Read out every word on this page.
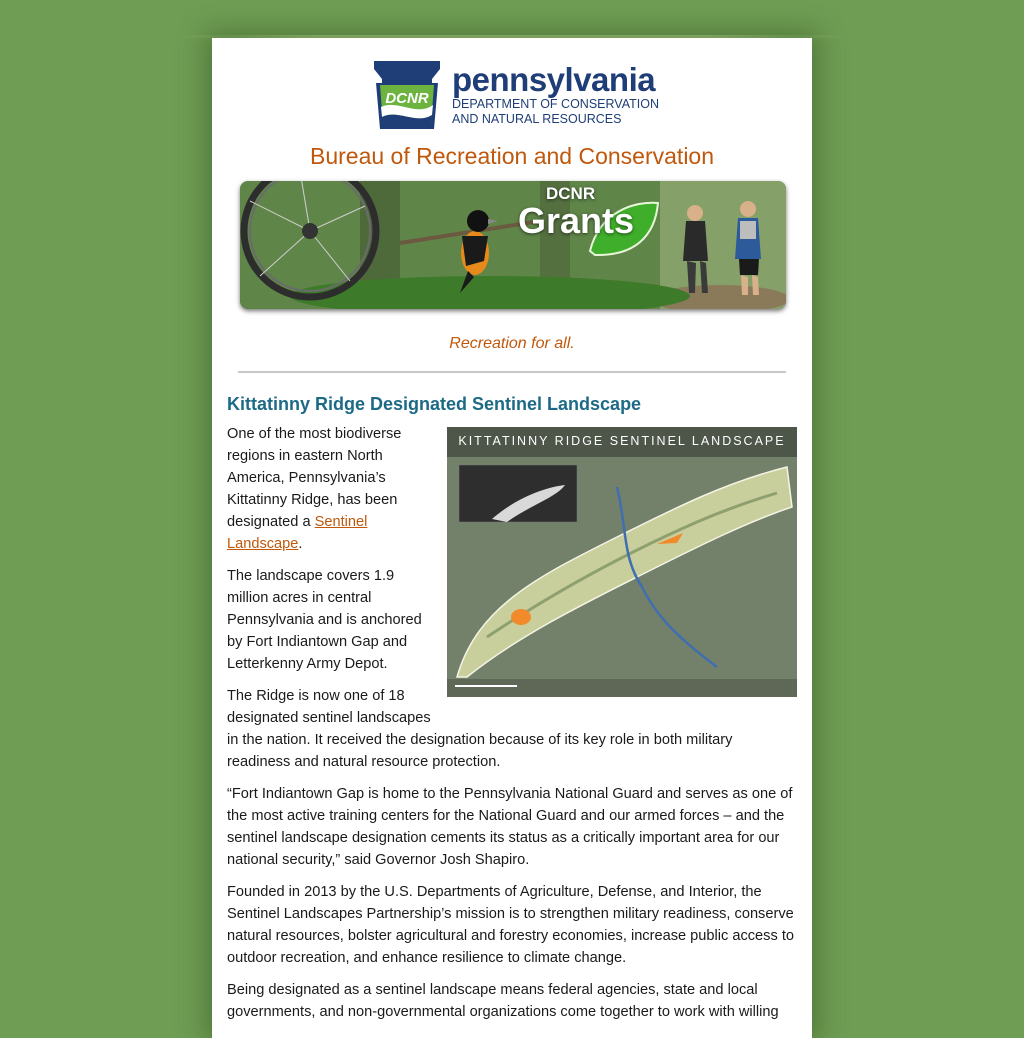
DCNR
pennsylvania
DEPARTMENT OF CONSERVATION
AND NATURAL RESOURCES
Bureau of Recreation and Conservation
DCNR
Grants
Recreation for all.
Kittatinny Ridge Designated Sentinel Landscape
KITTATINNY RIDGE SENTINEL LANDSCAPE

One of the most biodiverse regions in eastern North America, Pennsylvania’s Kittatinny Ridge, has been designated a Sentinel Landscape.

The landscape covers 1.9 million acres in central Pennsylvania and is anchored by Fort Indiantown Gap and Letterkenny Army Depot.

The Ridge is now one of 18 designated sentinel landscapes in the nation. It received the designation because of its key role in both military readiness and natural resource protection.

“Fort Indiantown Gap is home to the Pennsylvania National Guard and serves as one of the most active training centers for the National Guard and our armed forces – and the sentinel landscape designation cements its status as a critically important area for our national security,” said Governor Josh Shapiro.

Founded in 2013 by the U.S. Departments of Agriculture, Defense, and Interior, the Sentinel Landscapes Partnership’s mission is to strengthen military readiness, conserve natural resources, bolster agricultural and forestry economies, increase public access to outdoor recreation, and enhance resilience to climate change.

Being designated as a sentinel landscape means federal agencies, state and local governments, and non-governmental organizations come together to work with willing
